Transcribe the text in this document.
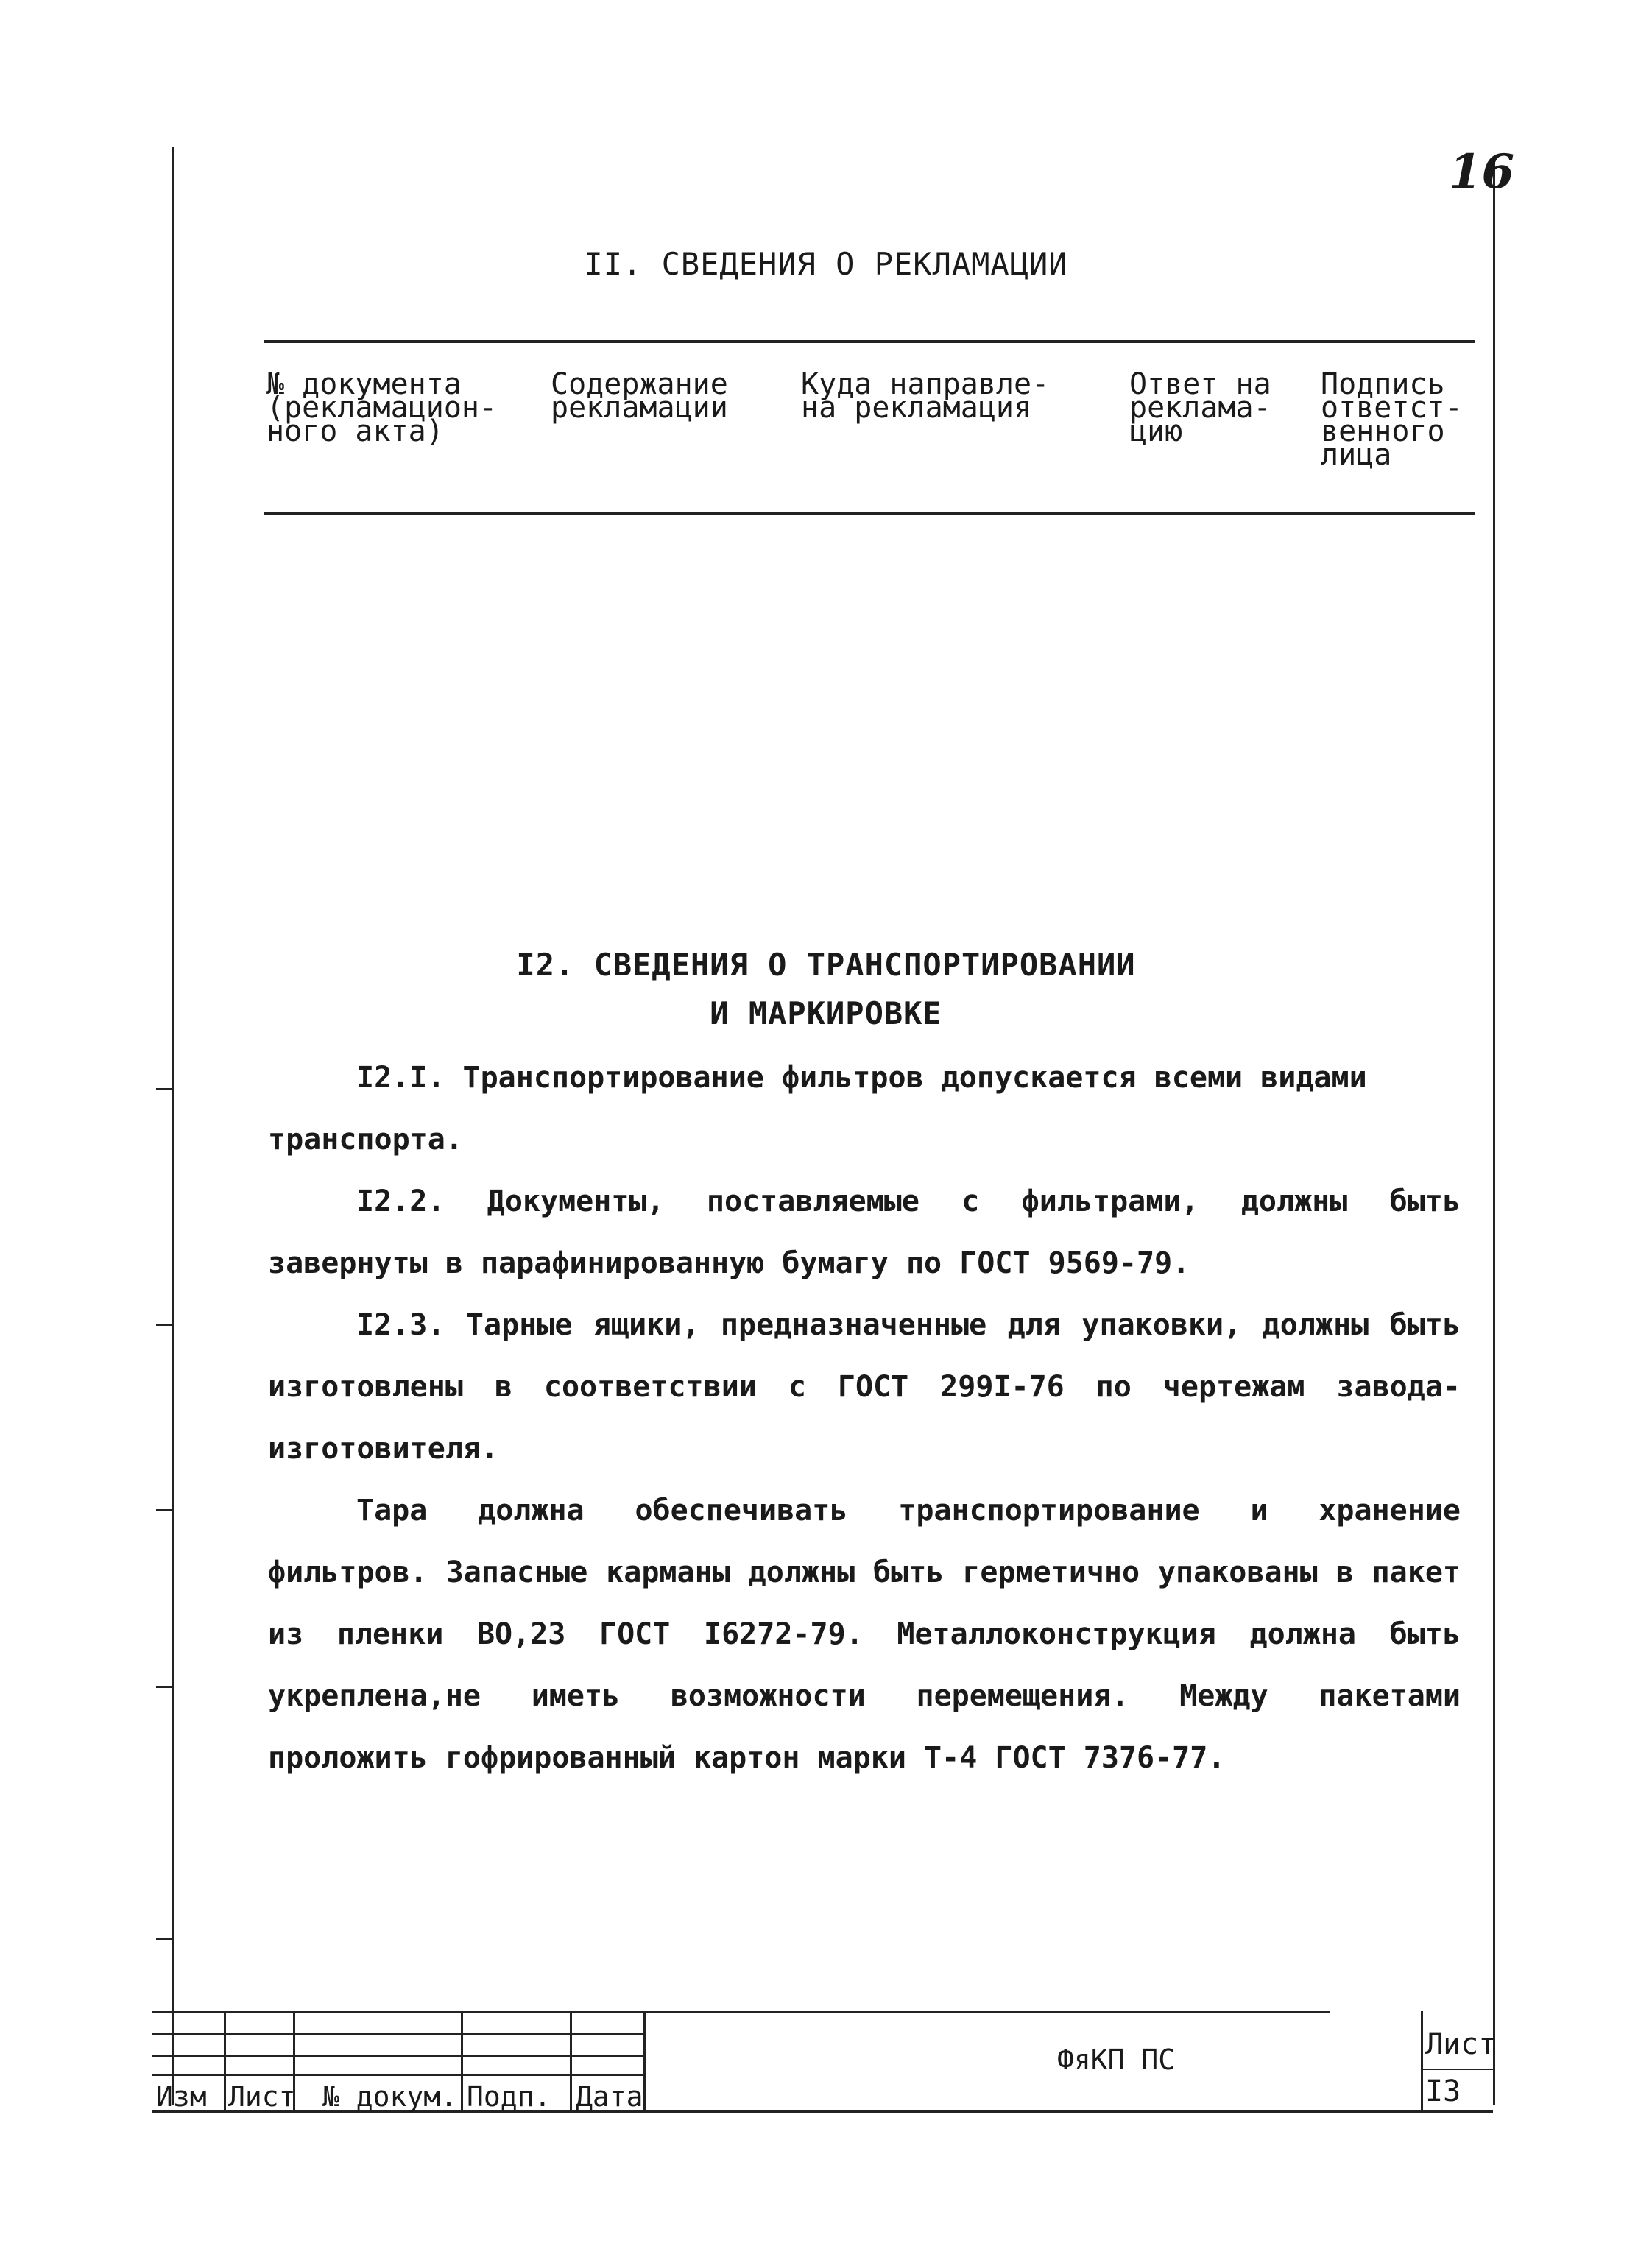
16
II. СВЕДЕНИЯ О РЕКЛАМАЦИИ
№ документа
(рекламацион-
ного акта)
Содержание
рекламации
Куда направле-
на рекламация
Ответ на
реклама-
цию
Подпись
ответст-
венного
лица
I2. СВЕДЕНИЯ О ТРАНСПОРТИРОВАНИИ
И МАРКИРОВКЕ

I2.I. Транспортирование фильтров допускается всеми видами транспорта.

I2.2. Документы, поставляемые с фильтрами, должны быть завернуты в парафинированную бумагу по ГОСТ 9569-79.

I2.3. Тарные ящики, предназначенные для упаковки, должны быть изготовлены в соответствии с ГОСТ 299I-76 по чертежам завода-изготовителя.

Тара должна обеспечивать транспортирование и хранение фильтров. Запасные карманы должны быть герметично упакованы в пакет из пленки ВО,23 ГОСТ I6272-79. Металлоконструкция должна быть укреплена,не иметь возможности перемещения. Между пакетами проложить гофрированный картон марки Т-4 ГОСТ 7376-77.

Изм Лист № докум. Подп. Дата
ФяКП ПС	Лист
I3
